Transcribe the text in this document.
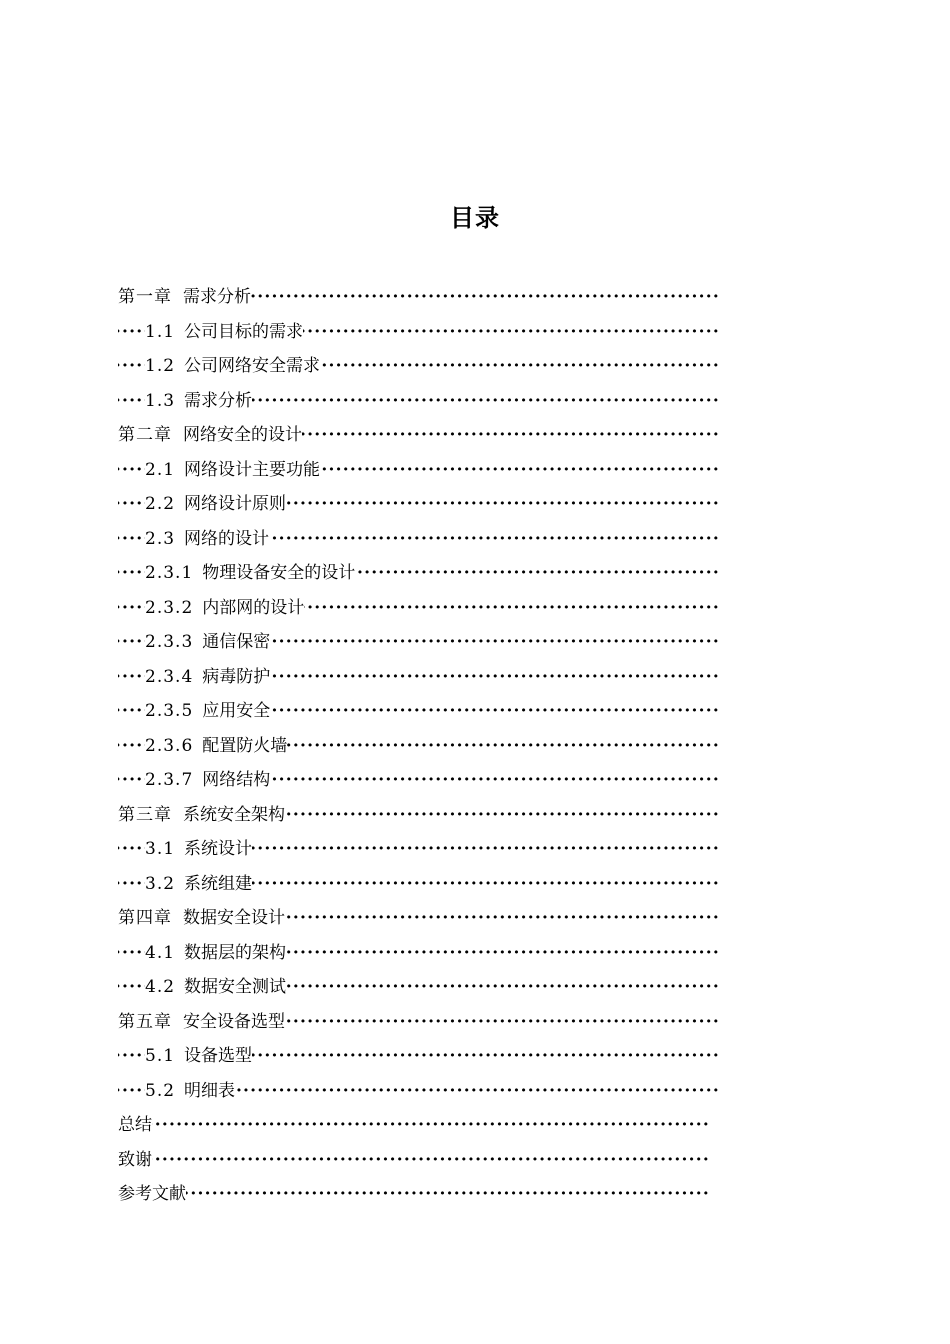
目录
·····
第一章 需求分析
·····
1.1 公司目标的需求
·····
1.2 公司网络安全需求
·····
1.3 需求分析
·····
第二章 网络安全的设计
·····
2.1 网络设计主要功能
·····
2.2 网络设计原则
·····
2.3 网络的设计
·····
2.3.1 物理设备安全的设计
·····
2.3.2 内部网的设计
·····
2.3.3 通信保密
·····
2.3.4 病毒防护
·····
2.3.5 应用安全
·····
2.3.6 配置防火墙
·····
2.3.7 网络结构
·····
第三章 系统安全架构
·····
3.1 系统设计
·····
3.2 系统组建
·····
第四章 数据安全设计
·····
4.1 数据层的架构
·····
4.2 数据安全测试
·····
第五章 安全设备选型
·····
5.1 设备选型
·····
5.2 明细表
·····
总结
·····
致谢
·····
参考文献
